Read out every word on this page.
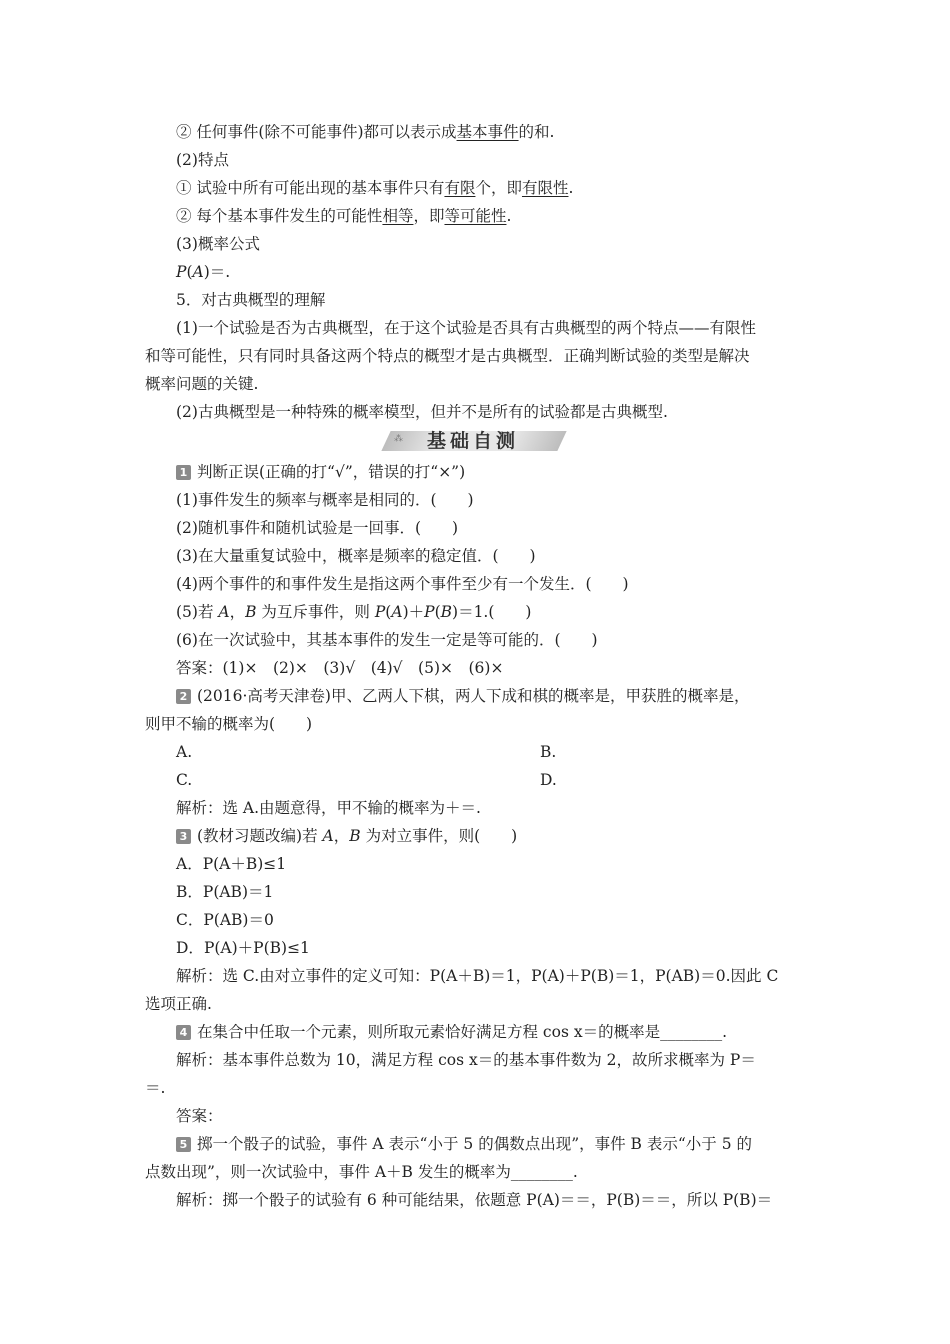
② 任何事件(除不可能事件)都可以表示成基本事件的和.
(2)特点
① 试验中所有可能出现的基本事件只有有限个，即有限性.
② 每个基本事件发生的可能性相等，即等可能性.
(3)概率公式
P(A)＝.
5．对古典概型的理解
(1)一个试验是否为古典概型，在于这个试验是否具有古典概型的两个特点——有限性
和等可能性，只有同时具备这两个特点的概型才是古典概型．正确判断试验的类型是解决
概率问题的关键.
(2)古典概型是一种特殊的概率模型，但并不是所有的试验都是古典概型.
⁂	基础自测
1 判断正误(正确的打“√”，错误的打“×”)
(1)事件发生的频率与概率是相同的．(　　)
(2)随机事件和随机试验是一回事．(　　)
(3)在大量重复试验中，概率是频率的稳定值．(　　)
(4)两个事件的和事件发生是指这两个事件至少有一个发生．(　　)
(5)若 A，B 为互斥事件，则 P(A)＋P(B)＝1.(　　)
(6)在一次试验中，其基本事件的发生一定是等可能的．(　　)
答案：(1)×　(2)×　(3)√　(4)√　(5)×　(6)×
2 (2016·高考天津卷)甲、乙两人下棋，两人下成和棋的概率是，甲获胜的概率是，
则甲不输的概率为(　　)
A.	B.
C.	D.
解析：选 A.由题意得，甲不输的概率为＋＝.
3 (教材习题改编)若 A，B 为对立事件，则(　　)
A．P(A＋B)≤1
B．P(AB)＝1
C．P(AB)＝0
D．P(A)＋P(B)≤1
解析：选 C.由对立事件的定义可知：P(A＋B)＝1，P(A)＋P(B)＝1，P(AB)＝0.因此 C
选项正确.
4 在集合中任取一个元素，则所取元素恰好满足方程 cos x＝的概率是________.
解析：基本事件总数为 10，满足方程 cos x＝的基本事件数为 2，故所求概率为 P＝
＝.
答案：
5 掷一个骰子的试验，事件 A 表示“小于 5 的偶数点出现”，事件 B 表示“小于 5 的
点数出现”，则一次试验中，事件 A＋B 发生的概率为________.
解析：掷一个骰子的试验有 6 种可能结果，依题意 P(A)＝＝，P(B)＝＝，所以 P(B)＝
